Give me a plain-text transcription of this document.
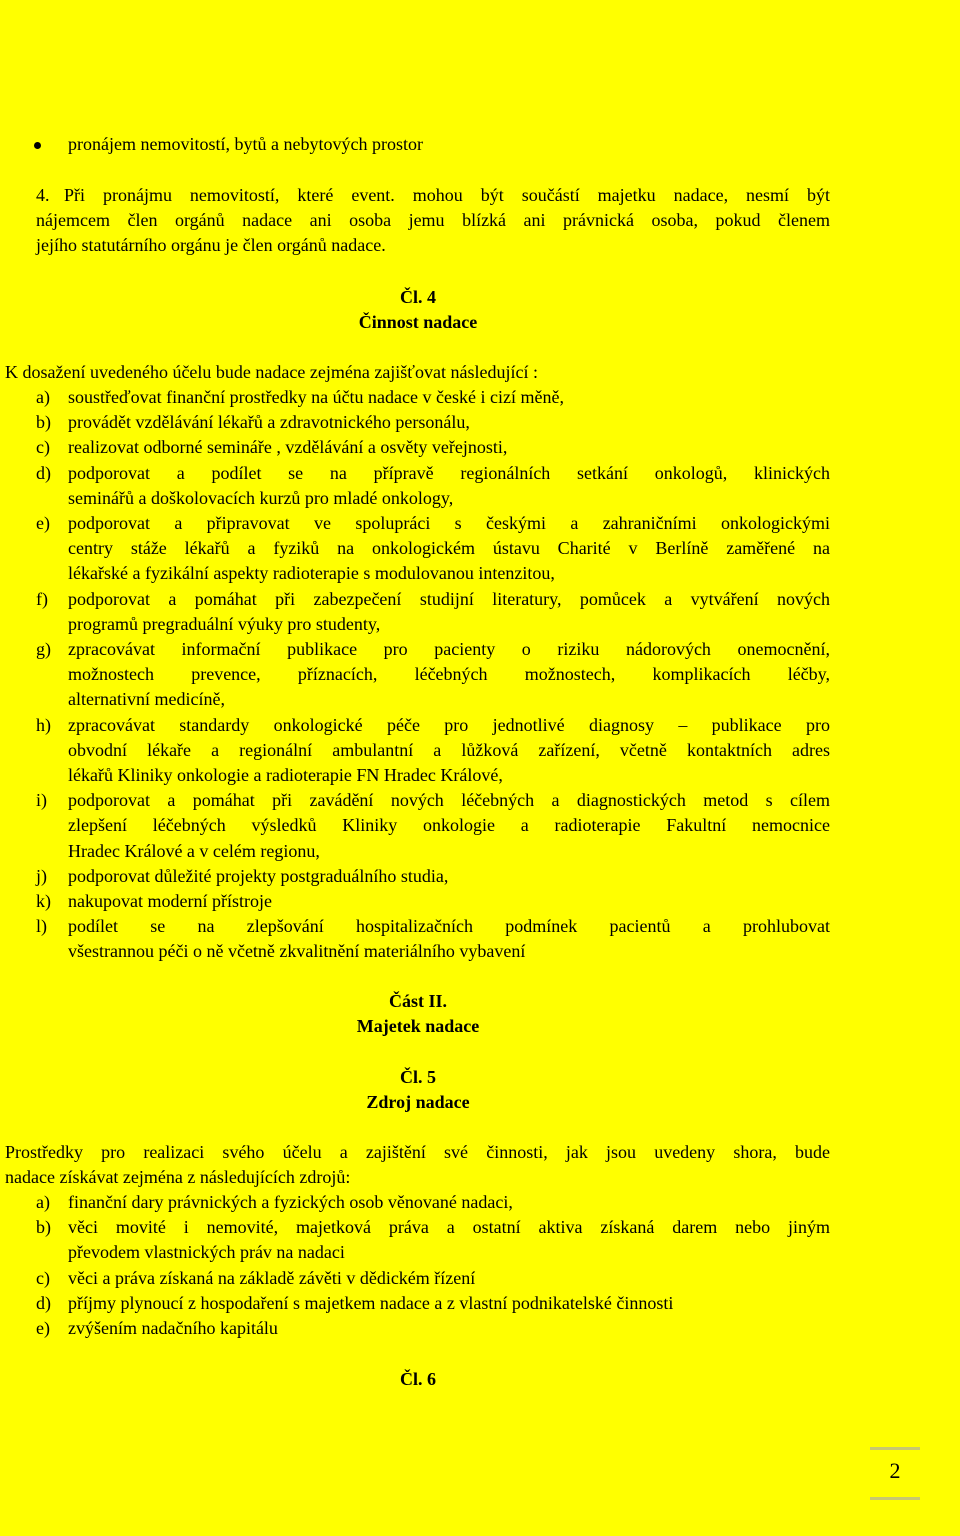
pronájem nemovitostí, bytů a nebytových prostor
4. Při pronájmu nemovitostí, které event. mohou být součástí majetku nadace, nesmí být
nájemcem člen orgánů nadace ani osoba jemu blízká ani právnická osoba, pokud členem
jejího statutárního orgánu je člen orgánů nadace.
Čl. 4
Činnost nadace
K dosažení uvedeného účelu bude nadace zejména zajišťovat následující :
a) soustřeďovat finanční prostředky na účtu nadace v české i cizí měně,
b) provádět vzdělávání lékařů a zdravotnického personálu,
c) realizovat odborné semináře , vzdělávání a osvěty veřejnosti,
d) podporovat a podílet se na přípravě regionálních setkání onkologů, klinických
seminářů a doškolovacích kurzů pro mladé onkology,
e) podporovat a připravovat ve spolupráci s českými a zahraničními onkologickými
centry stáže lékařů a fyziků na onkologickém ústavu Charité v Berlíně zaměřené na
lékařské a fyzikální aspekty radioterapie s modulovanou intenzitou,
f) podporovat a pomáhat při zabezpečení studijní literatury, pomůcek a vytváření nových
programů pregraduální výuky pro studenty,
g) zpracovávat informační publikace pro pacienty o riziku nádorových onemocnění,
možnostech prevence, příznacích, léčebných možnostech, komplikacích léčby,
alternativní medicíně,
h) zpracovávat standardy onkologické péče pro jednotlivé diagnosy – publikace pro
obvodní lékaře a regionální ambulantní a lůžková zařízení, včetně kontaktních adres
lékařů Kliniky onkologie a radioterapie FN Hradec Králové,
i) podporovat a pomáhat při zavádění nových léčebných a diagnostických metod s cílem
zlepšení léčebných výsledků Kliniky onkologie a radioterapie Fakultní nemocnice
Hradec Králové a v celém regionu,
j) podporovat důležité projekty postgraduálního studia,
k) nakupovat moderní přístroje
l) podílet se na zlepšování hospitalizačních podmínek pacientů a prohlubovat
všestrannou péči o ně včetně zkvalitnění materiálního vybavení
Část II.
Majetek nadace
Čl. 5
Zdroj nadace
Prostředky pro realizaci svého účelu a zajištění své činnosti, jak jsou uvedeny shora, bude
nadace získávat zejména z následujících zdrojů:
a) finanční dary právnických a fyzických osob věnované nadaci,
b) věci movité i nemovité, majetková práva a ostatní aktiva získaná darem nebo jiným
převodem vlastnických práv na nadaci
c) věci a práva získaná na základě závěti v dědickém řízení
d) příjmy plynoucí z hospodaření s majetkem nadace a z vlastní podnikatelské činnosti
e) zvýšením nadačního kapitálu
Čl. 6
2
